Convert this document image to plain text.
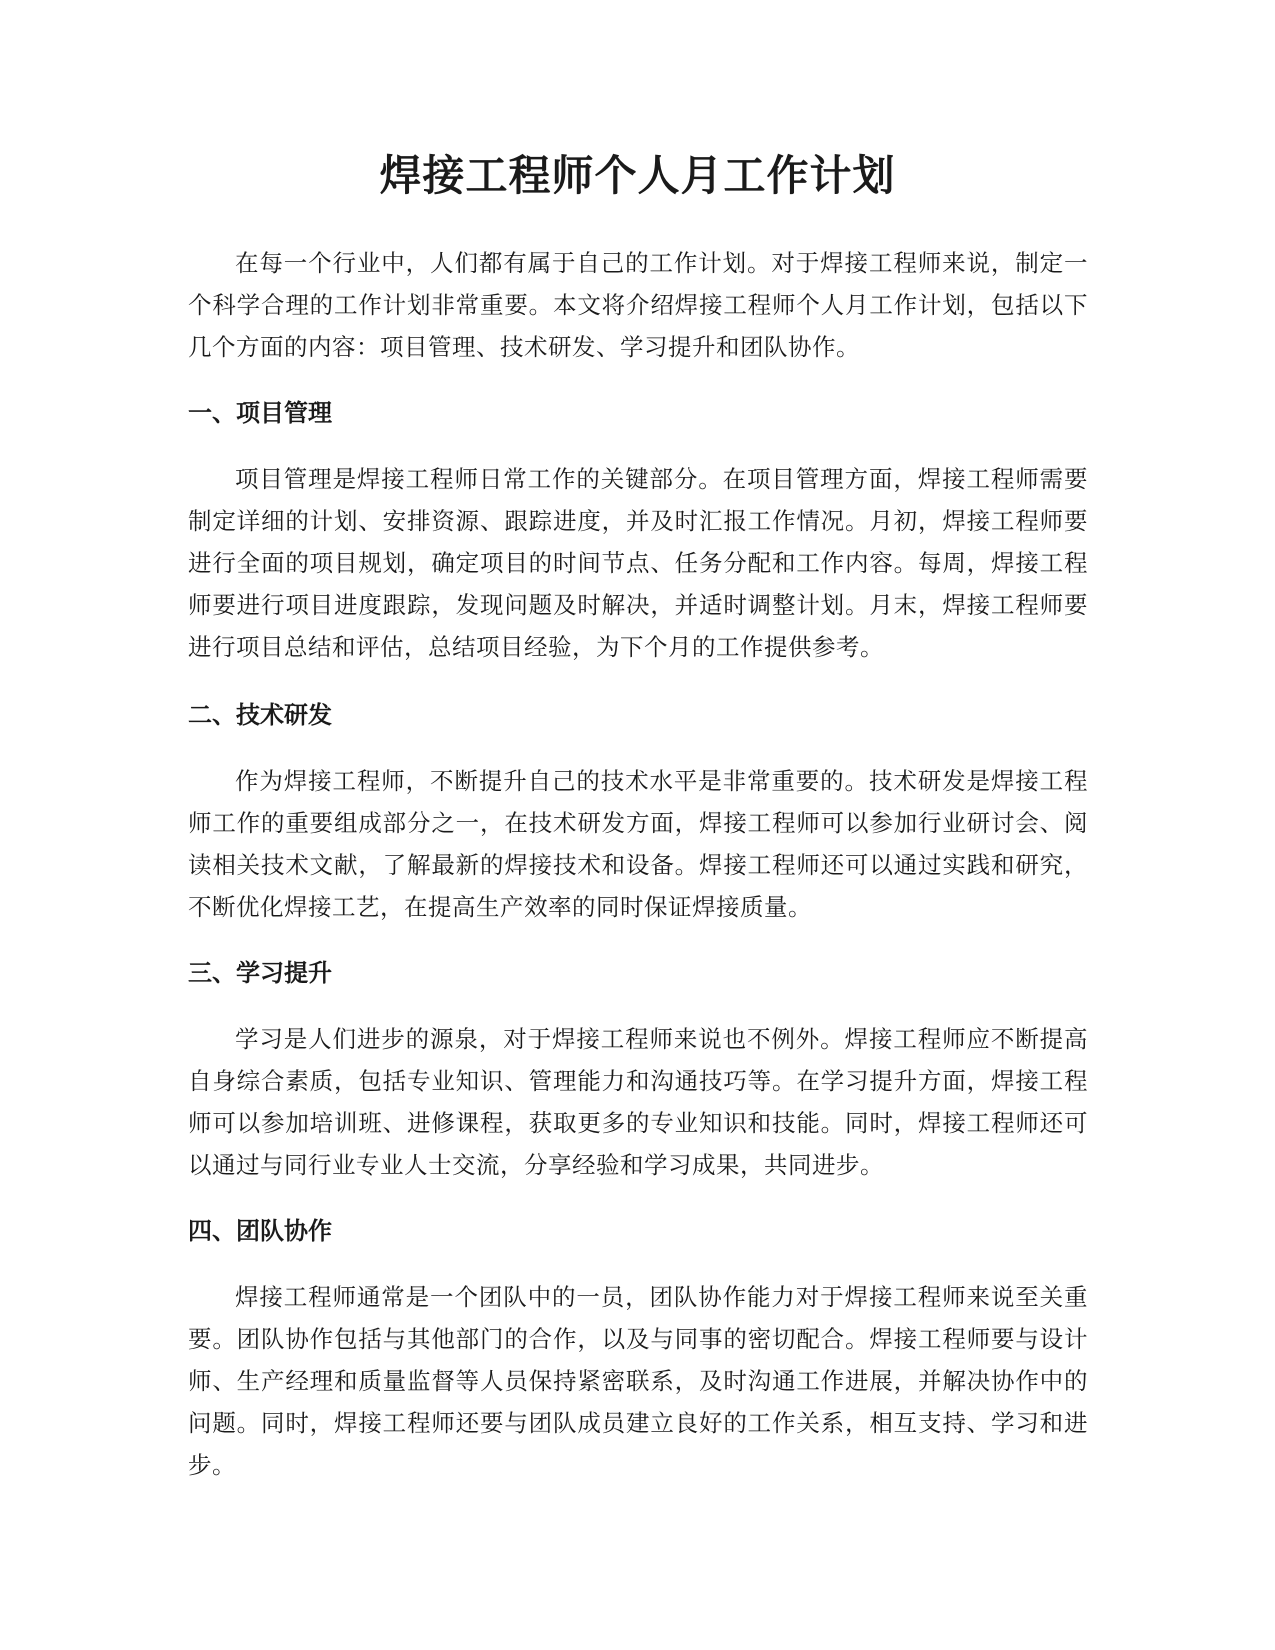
焊接工程师个人月工作计划

在每一个行业中，人们都有属于自己的工作计划。对于焊接工程师来说，制定一个科学合理的工作计划非常重要。本文将介绍焊接工程师个人月工作计划，包括以下几个方面的内容：项目管理、技术研发、学习提升和团队协作。

一、项目管理

项目管理是焊接工程师日常工作的关键部分。在项目管理方面，焊接工程师需要制定详细的计划、安排资源、跟踪进度，并及时汇报工作情况。月初，焊接工程师要进行全面的项目规划，确定项目的时间节点、任务分配和工作内容。每周，焊接工程师要进行项目进度跟踪，发现问题及时解决，并适时调整计划。月末，焊接工程师要进行项目总结和评估，总结项目经验，为下个月的工作提供参考。

二、技术研发

作为焊接工程师，不断提升自己的技术水平是非常重要的。技术研发是焊接工程师工作的重要组成部分之一，在技术研发方面，焊接工程师可以参加行业研讨会、阅读相关技术文献，了解最新的焊接技术和设备。焊接工程师还可以通过实践和研究，不断优化焊接工艺，在提高生产效率的同时保证焊接质量。

三、学习提升

学习是人们进步的源泉，对于焊接工程师来说也不例外。焊接工程师应不断提高自身综合素质，包括专业知识、管理能力和沟通技巧等。在学习提升方面，焊接工程师可以参加培训班、进修课程，获取更多的专业知识和技能。同时，焊接工程师还可以通过与同行业专业人士交流，分享经验和学习成果，共同进步。

四、团队协作

焊接工程师通常是一个团队中的一员，团队协作能力对于焊接工程师来说至关重要。团队协作包括与其他部门的合作，以及与同事的密切配合。焊接工程师要与设计师、生产经理和质量监督等人员保持紧密联系，及时沟通工作进展，并解决协作中的问题。同时，焊接工程师还要与团队成员建立良好的工作关系，相互支持、学习和进步。
